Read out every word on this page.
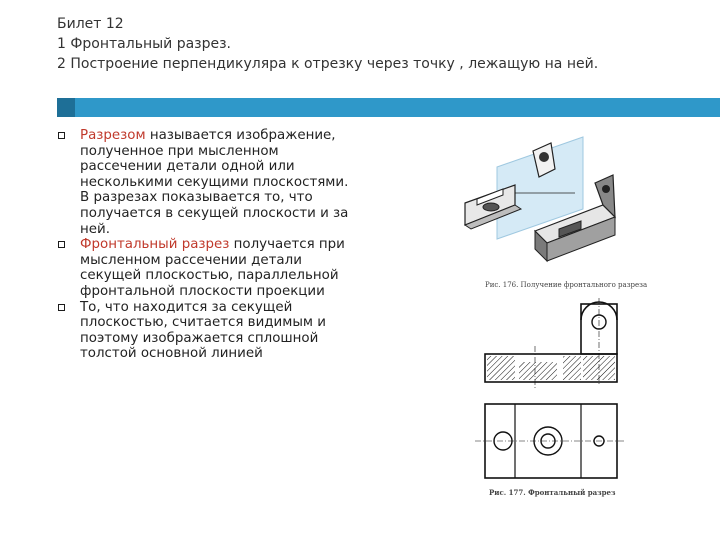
Билет 12
1 Фронтальный разрез.
2 Построение перпендикуляра к отрезку через точку , лежащую на ней.
Разрезом называется изображение, полученное при мысленном рассечении детали одной или несколькими секущими плоскостями. В разрезах показывается то, что получается в секущей плоскости и за ней.
Фронтальный разрез получается при мысленном рассечении детали секущей плоскостью, параллельной фронтальной плоскости проекции
То, что находится за секущей плоскостью, считается видимым и поэтому изображается сплошной толстой основной линией
Рис. 176. Получение фронтального разреза
Рис. 177. Фронтальный разрез
